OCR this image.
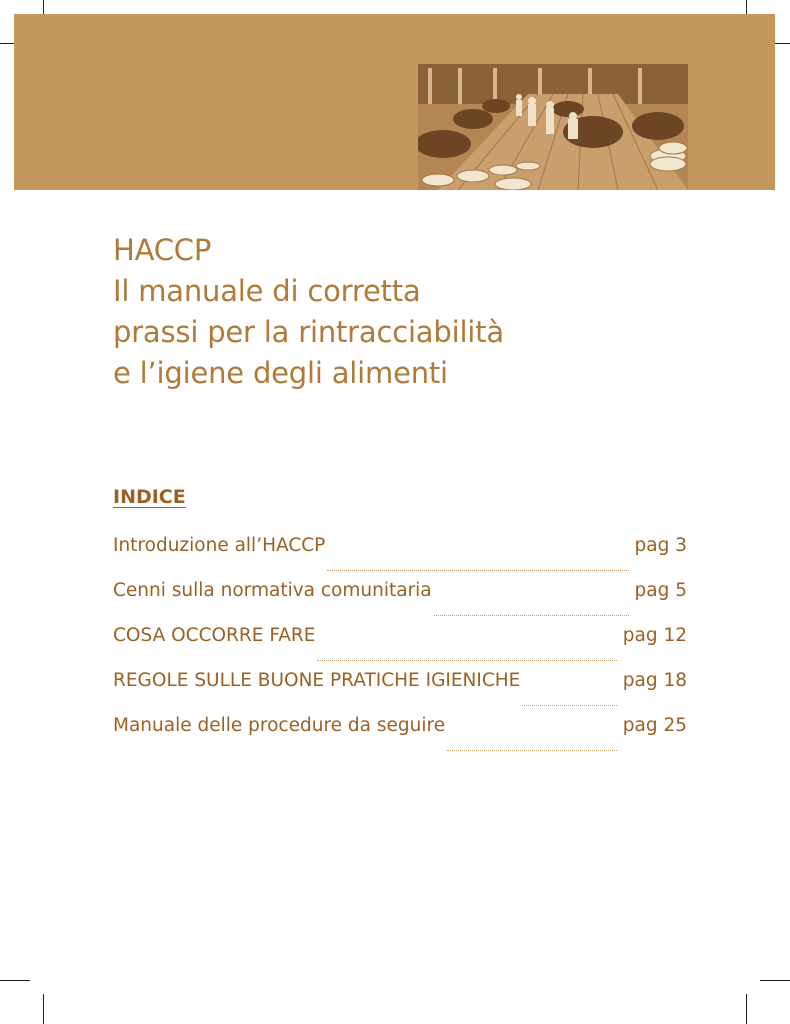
HACCP
Il manuale di corretta
prassi per la rintracciabilità
e l’igiene degli alimenti
INDICE
Introduzione all’HACCP	pag 3
Cenni sulla normativa comunitaria	pag 5
COSA OCCORRE FARE	pag 12
REGOLE SULLE BUONE PRATICHE IGIENICHE	pag 18
Manuale delle procedure da seguire	pag 25
